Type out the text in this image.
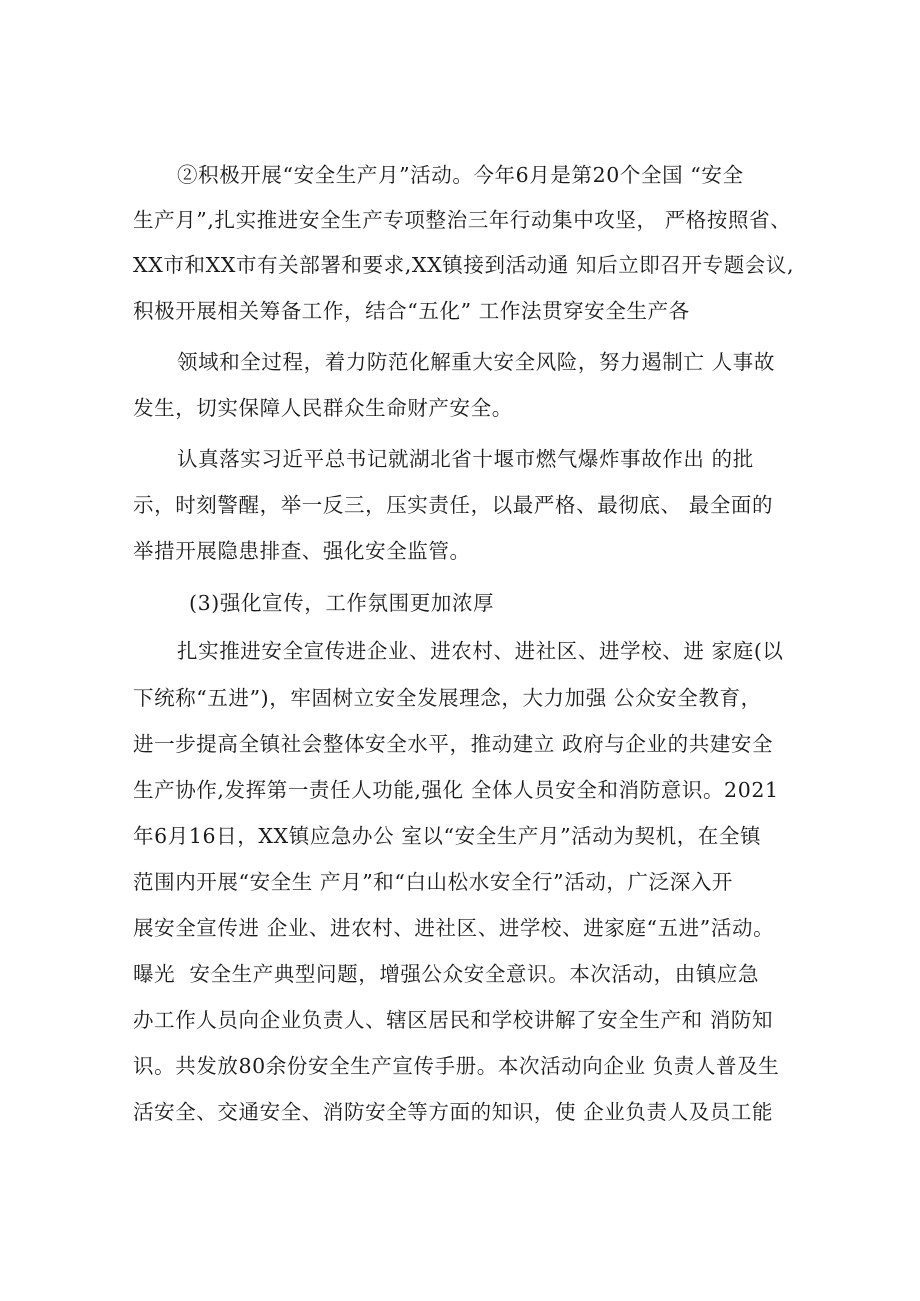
②积极开展“安全生产月”活动。今年6月是第20个全国 “安全
生产月”,扎实推进安全生产专项整治三年行动集中攻坚， 严格按照省、
XX市和XX市有关部署和要求,XX镇接到活动通 知后立即召开专题会议,
积极开展相关筹备工作，结合“五化” 工作法贯穿安全生产各
领域和全过程，着力防范化解重大安全风险，努力遏制亡 人事故
发生，切实保障人民群众生命财产安全。
认真落实习近平总书记就湖北省十堰市燃气爆炸事故作出 的批
示，时刻警醒，举一反三，压实责任，以最严格、最彻底、 最全面的
举措开展隐患排查、强化安全监管。
(3)强化宣传，工作氛围更加浓厚
扎实推进安全宣传进企业、进农村、进社区、进学校、进 家庭(以
下统称“五进”)，牢固树立安全发展理念，大力加强 公众安全教育，
进一步提高全镇社会整体安全水平，推动建立 政府与企业的共建安全
生产协作,发挥第一责任人功能,强化 全体人员安全和消防意识。2021
年6月16日，XX镇应急办公 室以“安全生产月”活动为契机，在全镇
范围内开展“安全生 产月”和“白山松水安全行”活动，广泛深入开
展安全宣传进 企业、进农村、进社区、进学校、进家庭“五进”活动。
曝光  安全生产典型问题，增强公众安全意识。本次活动，由镇应急
办工作人员向企业负责人、辖区居民和学校讲解了安全生产和 消防知
识。共发放80余份安全生产宣传手册。本次活动向企业 负责人普及生
活安全、交通安全、消防安全等方面的知识，使 企业负责人及员工能
